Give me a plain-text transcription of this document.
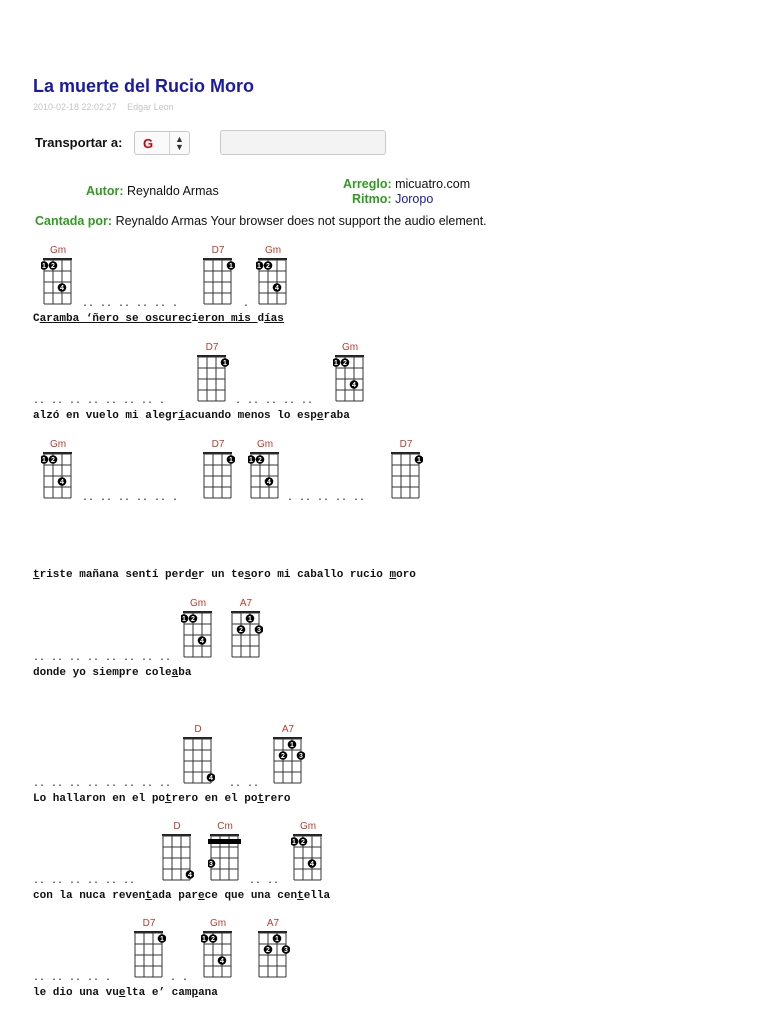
La muerte del Rucio Moro
2010-02-18 22:02:27 Edgar Leon
Transportar a: G	▲
▼
Autor: Reynaldo Armas	Arreglo: micuatro.com
Ritmo: Joropo
Cantada por: Reynaldo Armas Your browser does not support the audio element.
Gm
1 2
4
D7
1
Gm
1 2
4
.. .. .. .. .. .	.
Caramba ‘ñero se oscurecieron mis días
D7
1
Gm
1 2
4
.. .. .. .. .. .. .. .	. .. .. .. ..
alzó en vuelo mi alegríacuando menos lo esperaba
Gm
1 2
4
D7
1
Gm
1 2
4
D7
1
.. .. .. .. .. .	. .. .. .. ..
triste mañana sentí perder un tesoro mi caballo rucio moro
Gm
1 2
4
A7
1
2 3
.. .. .. .. .. .. .. ..
donde yo siempre coleaba
D
4
A7
1
2 3
.. .. .. .. .. .. .. ..	.. ..
Lo hallaron en el potrero en el potrero
D
4
Cm
3
Gm
1 2
4
.. .. .. .. .. ..	.. ..
con la nuca reventada parece que una centella
D7
1
Gm
1 2
4
A7
1
2 3
.. .. .. .. .	. .
le dio una vuelta e’ campana
